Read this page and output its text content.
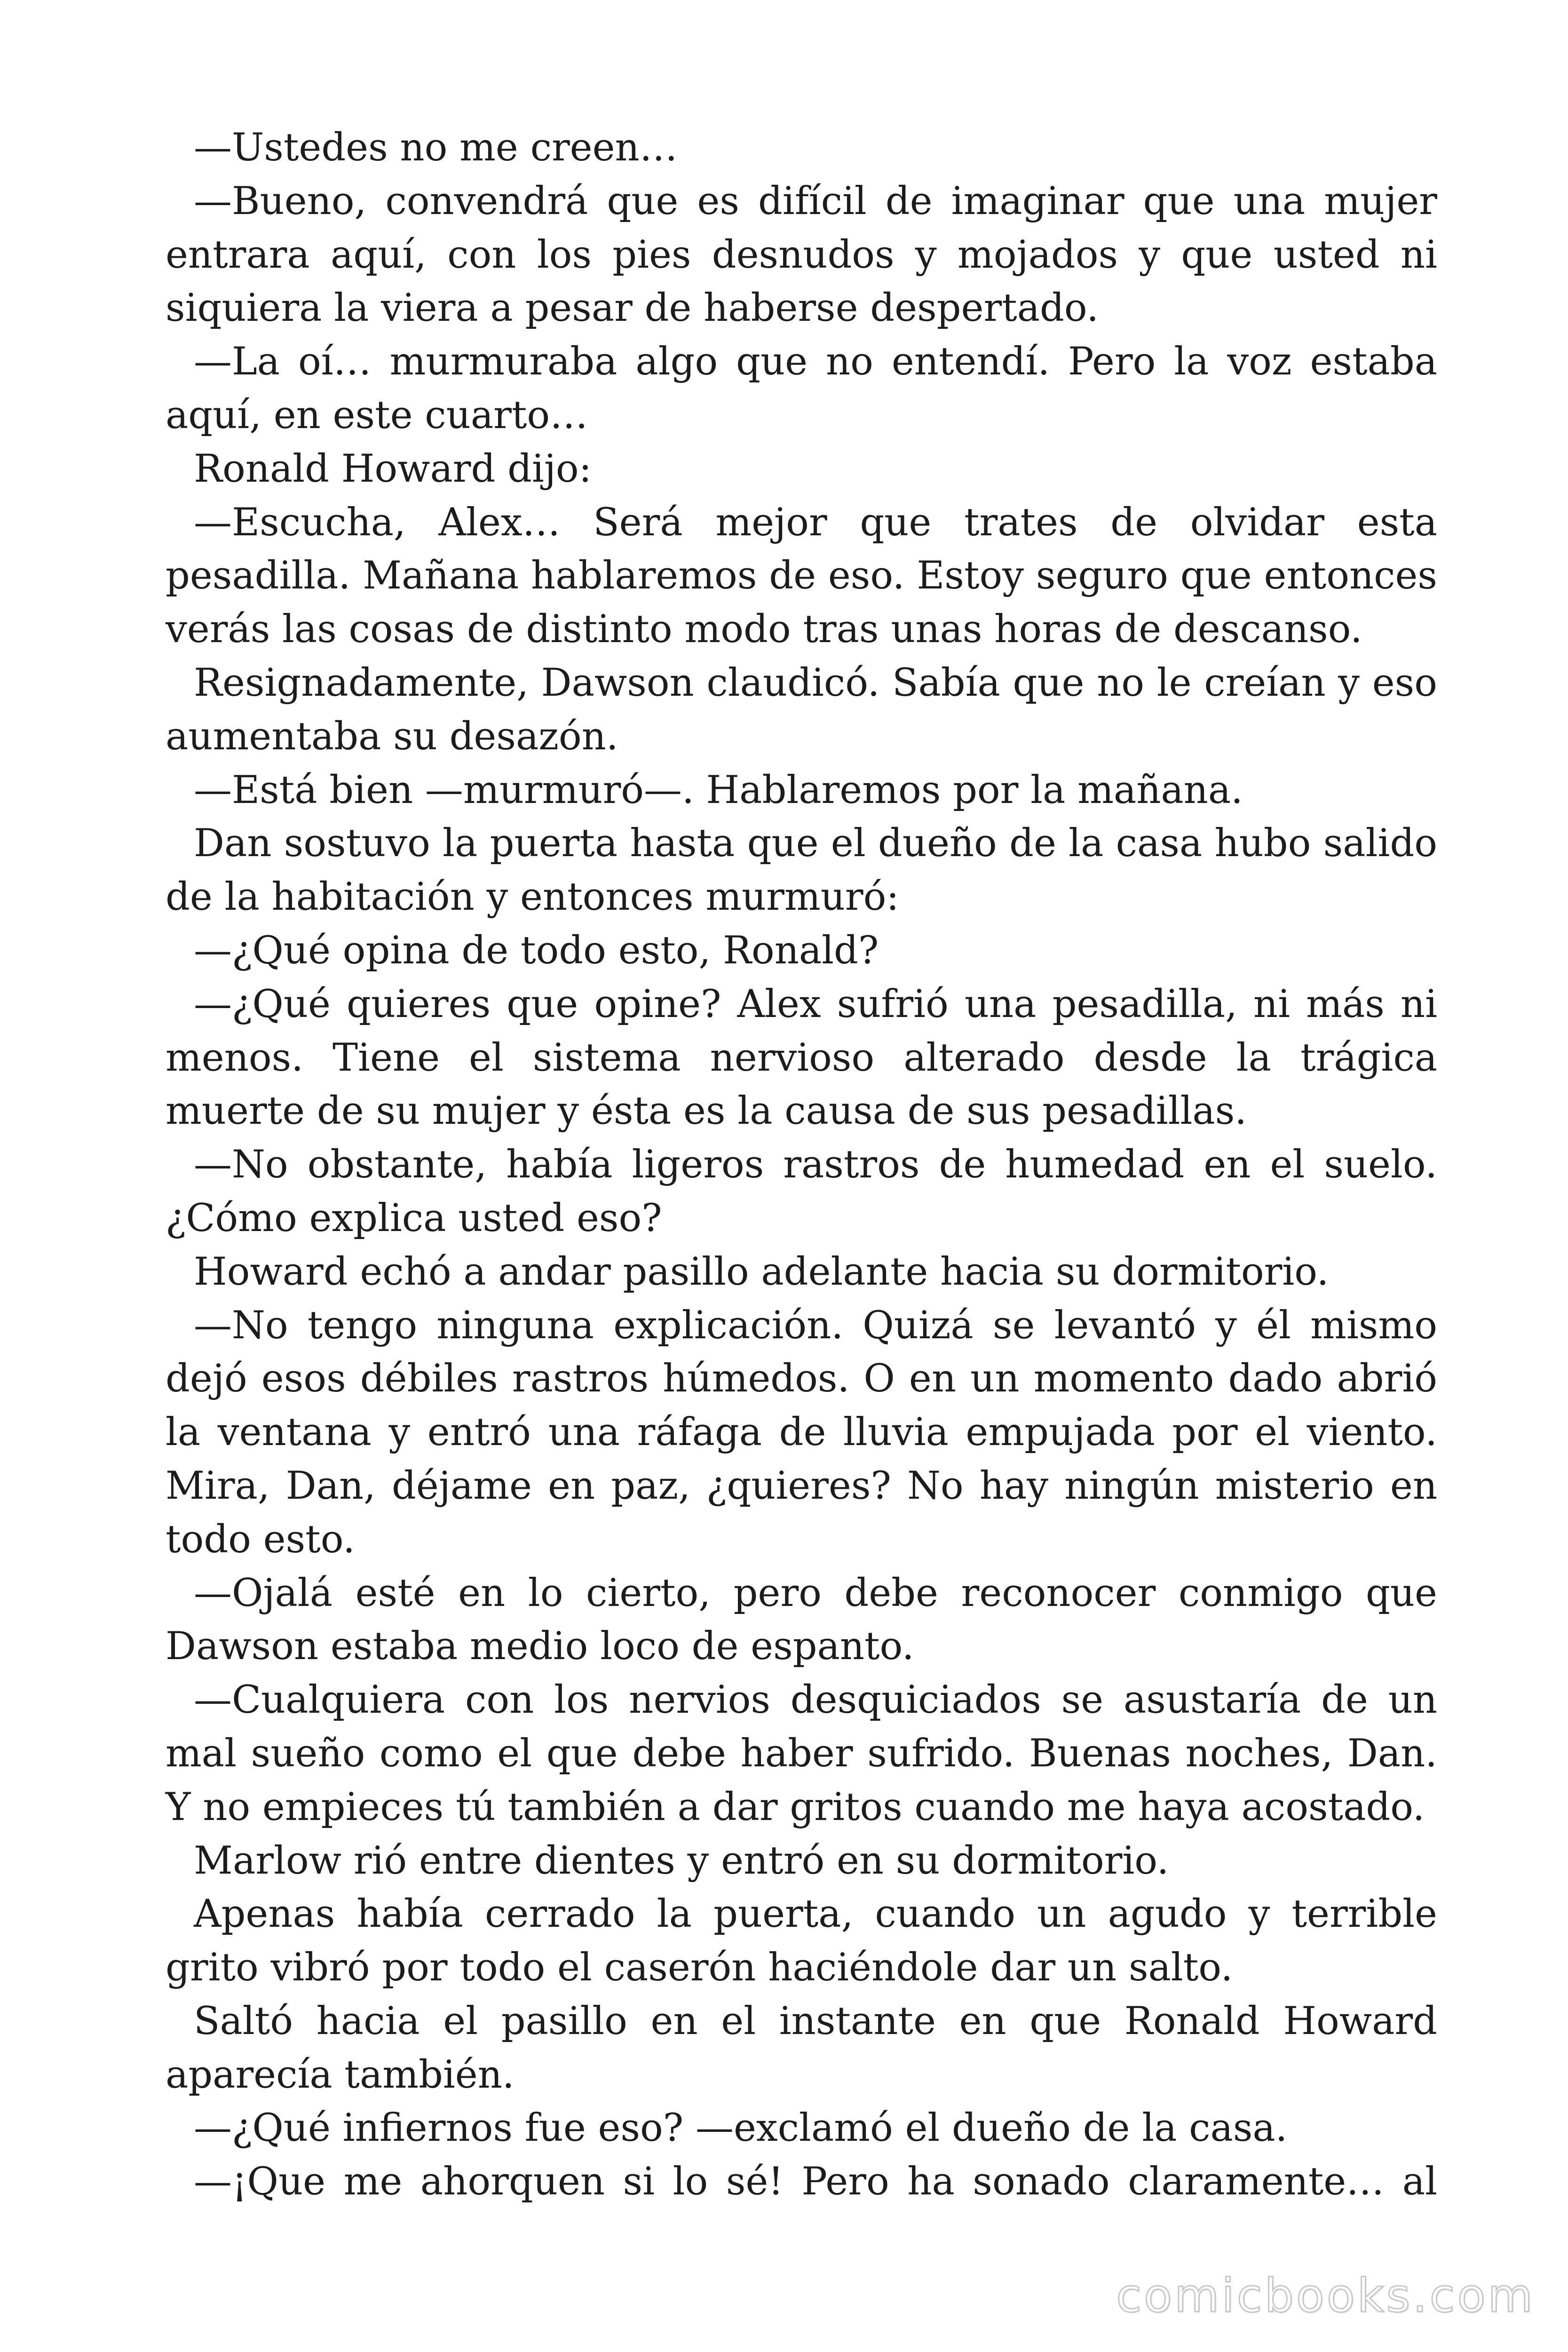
—Ustedes no me creen…

—Bueno, convendrá que es difícil de imaginar que una mujer entrara aquí, con los pies desnudos y mojados y que usted ni siquiera la viera a pesar de haberse despertado.

—La oí… murmuraba algo que no entendí. Pero la voz estaba aquí, en este cuarto…

Ronald Howard dijo:

—Escucha, Alex… Será mejor que trates de olvidar esta pesadilla. Mañana hablaremos de eso. Estoy seguro que entonces verás las cosas de distinto modo tras unas horas de descanso.

Resignadamente, Dawson claudicó. Sabía que no le creían y eso aumentaba su desazón.

—Está bien —murmuró—. Hablaremos por la mañana.

Dan sostuvo la puerta hasta que el dueño de la casa hubo salido de la habitación y entonces murmuró:

—¿Qué opina de todo esto, Ronald?

—¿Qué quieres que opine? Alex sufrió una pesadilla, ni más ni menos. Tiene el sistema nervioso alterado desde la trágica muerte de su mujer y ésta es la causa de sus pesadillas.

—No obstante, había ligeros rastros de humedad en el suelo. ¿Cómo explica usted eso?

Howard echó a andar pasillo adelante hacia su dormitorio.

—No tengo ninguna explicación. Quizá se levantó y él mismo dejó esos débiles rastros húmedos. O en un momento dado abrió la ventana y entró una ráfaga de lluvia empujada por el viento. Mira, Dan, déjame en paz, ¿quieres? No hay ningún misterio en todo esto.

—Ojalá esté en lo cierto, pero debe reconocer conmigo que Dawson estaba medio loco de espanto.

—Cualquiera con los nervios desquiciados se asustaría de un mal sueño como el que debe haber sufrido. Buenas noches, Dan. Y no empieces tú también a dar gritos cuando me haya acostado.

Marlow rió entre dientes y entró en su dormitorio.

Apenas había cerrado la puerta, cuando un agudo y terrible grito vibró por todo el caserón haciéndole dar un salto.

Saltó hacia el pasillo en el instante en que Ronald Howard aparecía también.

—¿Qué infiernos fue eso? —exclamó el dueño de la casa.

—¡Que me ahorquen si lo sé! Pero ha sonado claramente… al

comicbooks.com
